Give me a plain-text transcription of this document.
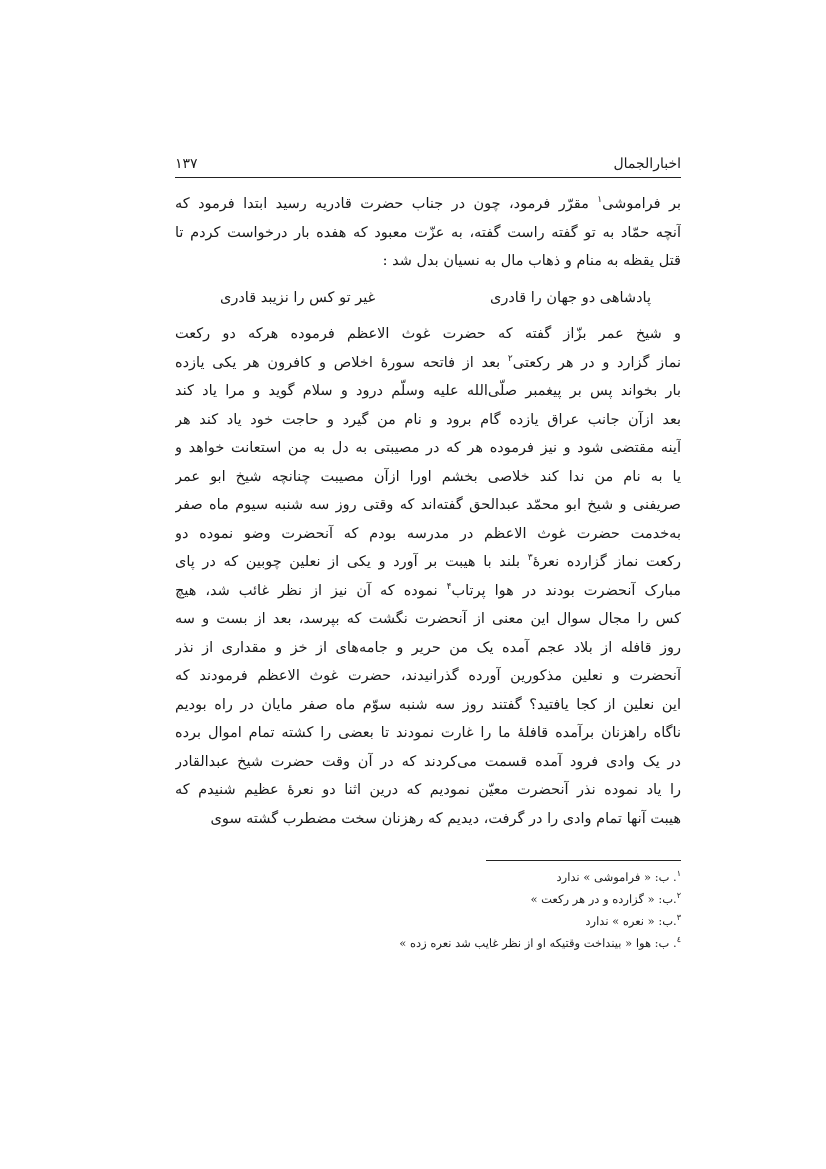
اخبارالجمال
۱۳۷
بر فراموشی$^۱$ مقرّر فرمود، چون در جناب حضرت قادریه رسید ابتدا فرمود که
آنچه حمّاد به تو گفته راست گفته، به عزّت معبود که هفده بار درخواست کردم تا
قتل یقظه به منام و ذهاب مال به نسیان بدل شد :
پادشاهی دو جهان را قادری
غیر تو کس را نزیبد قادری
و شیخ عمر بزّاز گفته که حضرت غوث الاعظم فرموده هرکه دو رکعت
نماز گزارد و در هر رکعتی$^۲$ بعد از فاتحه سورهٔ اخلاص و کافرون هر یکی یازده
بار بخواند پس بر پیغمبر صلّی‌الله علیه وسلّم درود و سلام گوید و مرا یاد کند
بعد ازآن جانب عراق یازده گام برود و نام من گیرد و حاجت خود یاد کند هر
آینه مقتضی شود و نیز فرموده هر که در مصیبتی به دل به من استعانت خواهد و
یا به نام من ندا کند خلاصی بخشم اورا ازآن مصیبت چنانچه شیخ ابو عمر
صریفنی و شیخ ابو محمّد عبدالحق گفته‌اند که وقتی روز سه شنبه سیوم ماه صفر
به‌خدمت حضرت غوث الاعظم در مدرسه بودم که آنحضرت وضو نموده دو
رکعت نماز گزارده نعرهٔ$^۳$ بلند با هیبت بر آورد و یکی از نعلین چوبین که در پای
مبارک آنحضرت بودند در هوا پرتاب$^۴$ نموده که آن نیز از نظر غائب شد، هیچ
کس را مجال سوال این معنی از آنحضرت نگشت که بپرسد، بعد از بست و سه
روز قافله از بلاد عجم آمده یک من حریر و جامه‌های از خز و مقداری از نذر
آنحضرت و نعلین مذکورین آورده گذرانیدند، حضرت غوث الاعظم فرمودند که
این نعلین از کجا یافتید؟ گفتند روز سه شنبه سوّم ماه صفر مایان در راه بودیم
ناگاه راهزنان برآمده قافلهٔ ما را غارت نمودند تا بعضی را کشته تمام اموال برده
در یک وادی فرود آمده قسمت می‌کردند که در آن وقت حضرت شیخ عبدالقادر
را یاد نموده نذر آنحضرت معیّن نمودیم که درین اثنا دو نعرهٔ عظیم شنیدم که
هیبت آنها تمام وادی را در گرفت، دیدیم که رهزنان سخت مضطرب گشته سوی
$^۱$. ب: « فراموشی » ندارد
$^۲$.ب: « گزارده و در هر رکعت »
$^۳$.ب: « نعره » ندارد
$^٤$. ب: هوا « بینداخت وقتیکه او از نظر غایب شد نعره زده »
